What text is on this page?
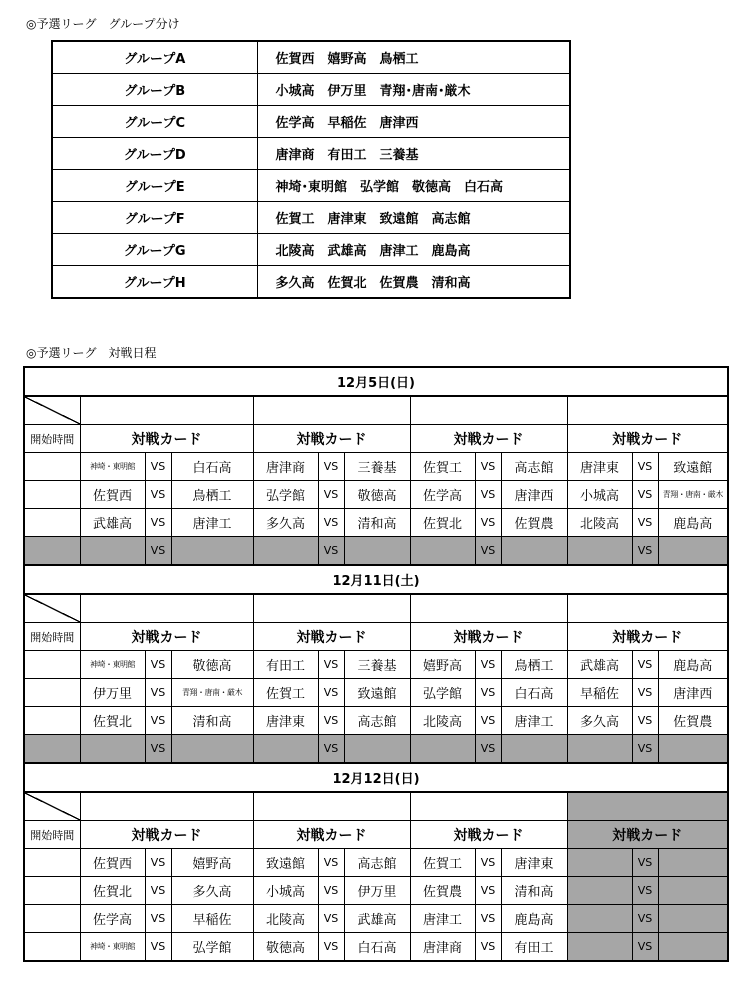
◎予選リーグ　グループ分け
グループA	佐賀西　嬉野高　鳥栖工
グループB	小城高　伊万里　青翔･唐南･厳木
グループC	佐学高　早稲佐　唐津西
グループD	唐津商　有田工　三養基
グループE	神埼･東明館　弘学館　敬徳高　白石高
グループF	佐賀工　唐津東　致遠館　高志館
グループG	北陵高　武雄高　唐津工　鹿島高
グループH	多久高　佐賀北　佐賀農　清和高
◎予選リーグ　対戦日程
12月5日(日)												

開始時間	対戦カード			対戦カード			対戦カード			対戦カード		
	神埼・東明館	VS	白石高	唐津商	VS	三養基	佐賀工	VS	高志館	唐津東	VS	致遠館
	佐賀西	VS	鳥栖工	弘学館	VS	敬徳高	佐学高	VS	唐津西	小城高	VS	青翔・唐南・厳木
	武雄高	VS	唐津工	多久高	VS	清和高	佐賀北	VS	佐賀農	北陵高	VS	鹿島高
		VS			VS			VS			VS	
12月11日(土)												

開始時間	対戦カード			対戦カード			対戦カード			対戦カード		
	神埼・東明館	VS	敬徳高	有田工	VS	三養基	嬉野高	VS	鳥栖工	武雄高	VS	鹿島高
	伊万里	VS	青翔・唐南・厳木	佐賀工	VS	致遠館	弘学館	VS	白石高	早稲佐	VS	唐津西
	佐賀北	VS	清和高	唐津東	VS	高志館	北陵高	VS	唐津工	多久高	VS	佐賀農
		VS			VS			VS			VS	
12月12日(日)												

開始時間	対戦カード			対戦カード			対戦カード			対戦カード		
	佐賀西	VS	嬉野高	致遠館	VS	高志館	佐賀工	VS	唐津東		VS	
	佐賀北	VS	多久高	小城高	VS	伊万里	佐賀農	VS	清和高		VS	
	佐学高	VS	早稲佐	北陵高	VS	武雄高	唐津工	VS	鹿島高		VS	
	神埼・東明館	VS	弘学館	敬徳高	VS	白石高	唐津商	VS	有田工		VS	
